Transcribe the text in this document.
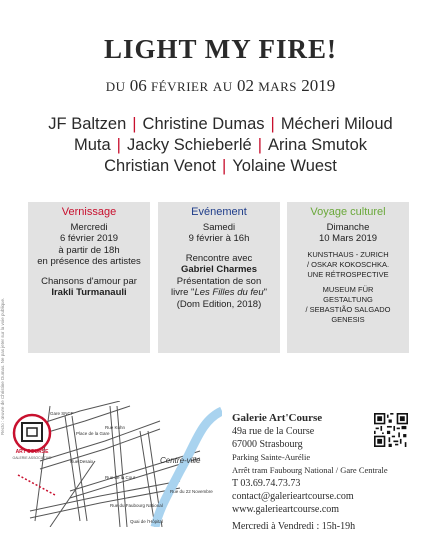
LIGHT MY FIRE!
DU 06 FÉVRIER AU 02 MARS 2019
JF Baltzen | Christine Dumas | Mécheri Miloud
Muta | Jacky Schieberlé | Arina Smutok
Christian Venot | Yolaine Wuest
Recto : œuvre de Christine Dumas. Ne pas jeter sur la voie publique.
Vernissage

Mercredi

6 février 2019

à partir de 18h

en présence des artistes

Chansons d'amour par

Irakli Turmanauli

Evénement

Samedi

9 février à 16h

Rencontre avec

Gabriel Charmes

Présentation de son

livre "Les Filles du feu"

(Dom Edition, 2018)

Voyage culturel

Dimanche

10 Mars 2019

KUNSTHAUS - ZURICH

/ OSKAR KOKOSCHKA.

UNE RÉTROSPECTIVE

MUSEUM FÜR

GESTALTUNG

/ SEBASTIÃO SALGADO

GENESIS

ART'COURSE
GALERIE ASSOCIATIVE
Gare SNCF
Place de la Gare
Rue Kuhn
Centre-ville
Rue Desaix
Rue de la Cour
Rue du 22 Novembre
Rue du Faubourg National
Quai de l'Hôpital
Galerie Art'Course
49a rue de la Course
67000 Strasbourg
Parking Sainte-Aurélie
Arrêt tram Faubourg National / Gare Centrale
T 03.69.74.73.73
contact@galerieartcourse.com
www.galerieartcourse.com
Mercredi à Vendredi : 15h-19h
